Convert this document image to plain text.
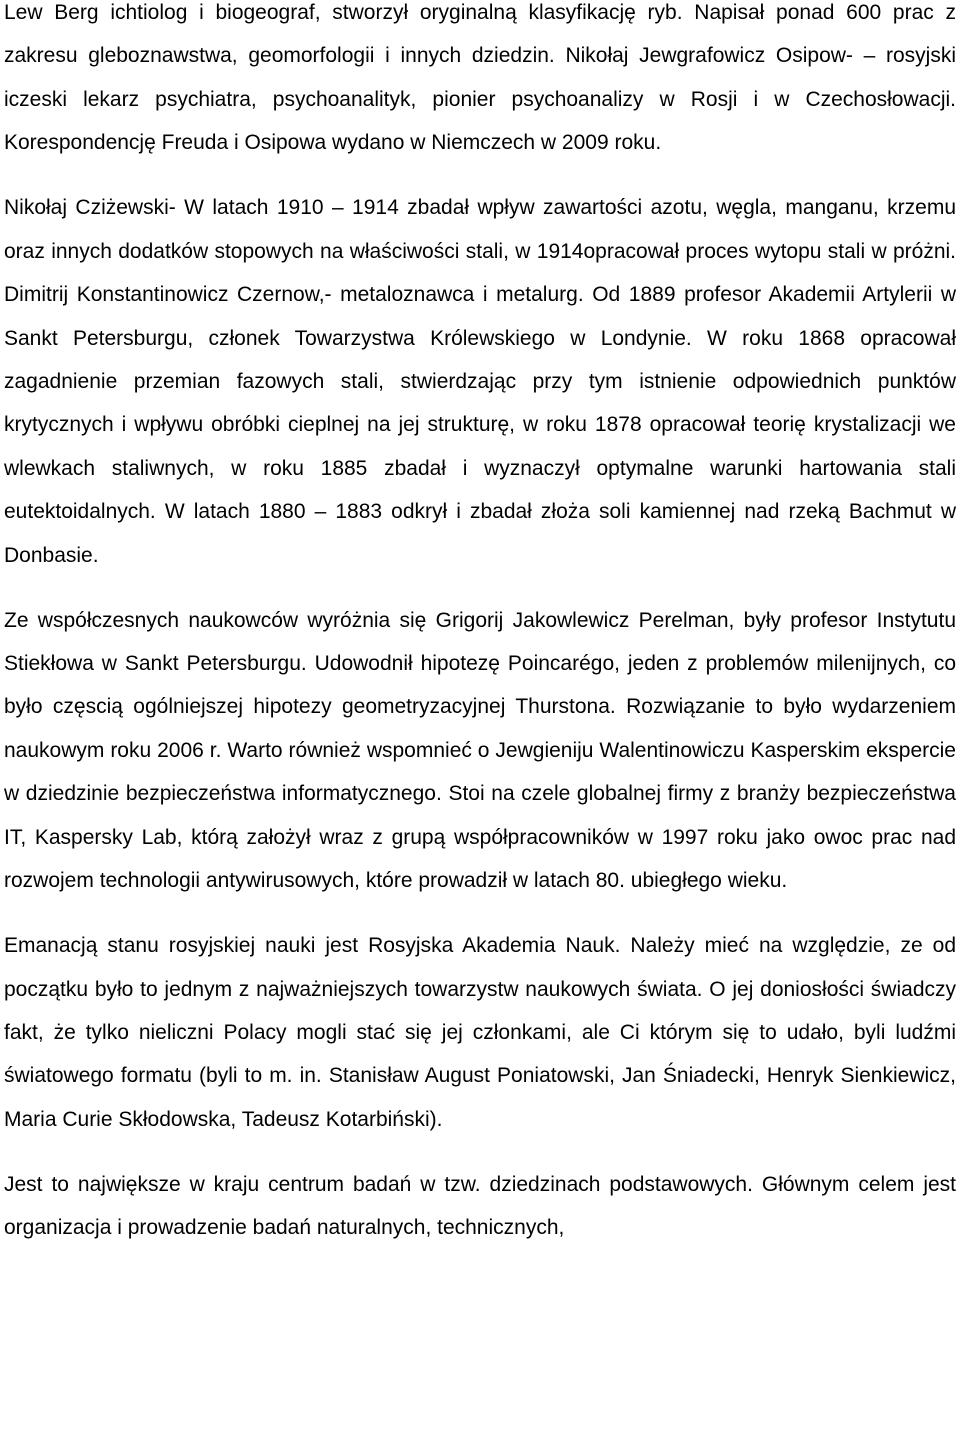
Lew Berg ichtiolog i biogeograf, stworzył oryginalną klasyfikację ryb. Napisał ponad 600 prac z zakresu gleboznawstwa, geomorfologii i innych dziedzin. Nikołaj Jewgrafowicz Osipow- – rosyjski iczeski lekarz psychiatra, psychoanalityk, pionier psychoanalizy w Rosji i w Czechosłowacji. Korespondencję Freuda i Osipowa wydano w Niemczech w 2009 roku.

Nikołaj Cziżewski- W latach 1910 – 1914 zbadał wpływ zawartości azotu, węgla, manganu, krzemu oraz innych dodatków stopowych na właściwości stali, w 1914opracował proces wytopu stali w próżni. Dimitrij Konstantinowicz Czernow,- metaloznawca i metalurg. Od 1889 profesor Akademii Artylerii w Sankt Petersburgu, członek Towarzystwa Królewskiego w Londynie. W roku 1868 opracował zagadnienie przemian fazowych stali, stwierdzając przy tym istnienie odpowiednich punktów krytycznych i wpływu obróbki cieplnej na jej strukturę, w roku 1878 opracował teorię krystalizacji we wlewkach staliwnych, w roku 1885 zbadał i wyznaczył optymalne warunki hartowania stali eutektoidalnych. W latach 1880 – 1883 odkrył i zbadał złoża soli kamiennej nad rzeką Bachmut w Donbasie.

Ze współczesnych naukowców wyróżnia się Grigorij Jakowlewicz Perelman, były profesor Instytutu Stiekłowa w Sankt Petersburgu. Udowodnił hipotezę Poincarégo, jeden z problemów milenijnych, co było częscią ogólniejszej hipotezy geometryzacyjnej Thurstona. Rozwiązanie to było wydarzeniem naukowym roku 2006 r. Warto również wspomnieć o Jewgieniju Walentinowiczu Kasperskim ekspercie w dziedzinie bezpieczeństwa informatycznego. Stoi na czele globalnej firmy z branży bezpieczeństwa IT, Kaspersky Lab, którą założył wraz z grupą współpracowników w 1997 roku jako owoc prac nad rozwojem technologii antywirusowych, które prowadził w latach 80. ubiegłego wieku.

Emanacją stanu rosyjskiej nauki jest Rosyjska Akademia Nauk. Należy mieć na względzie, ze od początku było to jednym z najważniejszych towarzystw naukowych świata. O jej doniosłości świadczy fakt, że tylko nieliczni Polacy mogli stać się jej członkami, ale Ci którym się to udało, byli ludźmi światowego formatu (byli to m. in. Stanisław August Poniatowski, Jan Śniadecki, Henryk Sienkiewicz, Maria Curie Skłodowska, Tadeusz Kotarbiński).

Jest to największe w kraju centrum badań w tzw. dziedzinach podstawowych. Głównym celem jest organizacja i prowadzenie badań naturalnych, technicznych,
